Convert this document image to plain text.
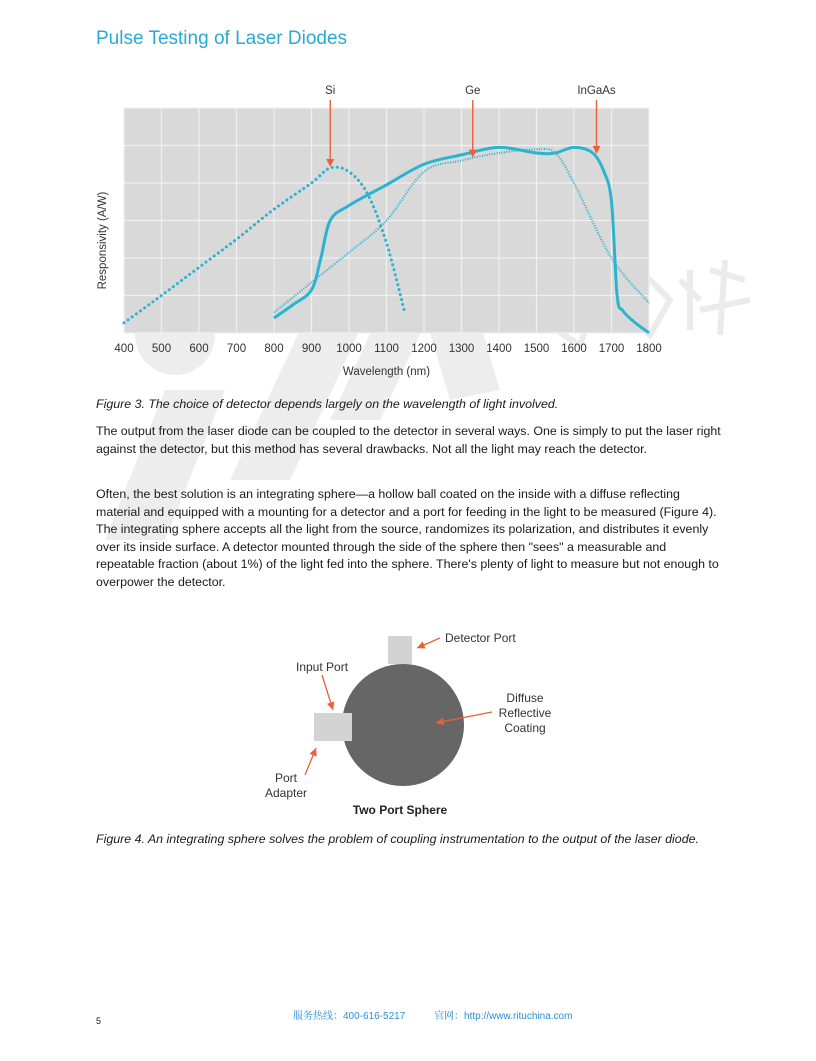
Pulse Testing of Laser Diodes
400 500 600 700 800 900 1000 1100 1200 1300 1400 1500 1600 1700 1800
Wavelength (nm)
Responsivity (A/W)
Si	Ge	InGaAs
Figure 3. The choice of detector depends largely on the wavelength of light involved.
The output from the laser diode can be coupled to the detector in several ways. One is simply to put the laser right against the detector, but this method has several drawbacks. Not all the light may reach the detector.
Often, the best solution is an integrating sphere—a hollow ball coated on the inside with a diffuse reflecting material and equipped with a mounting for a detector and a port for feeding in the light to be measured (Figure 4). The integrating sphere accepts all the light from the source, randomizes its polarization, and distributes it evenly over its inside surface. A detector mounted through the side of the sphere then "sees" a measurable and repeatable fraction (about 1%) of the light fed into the sphere. There's plenty of light to measure but not enough to overpower the detector.
Detector Port
Input Port
Diffuse
Reflective
Coating
Port
Adapter
Two Port Sphere
Figure 4. An integrating sphere solves the problem of coupling instrumentation to the output of the laser diode.
5	服务热线：400-616-5217	官网：http://www.rituchina.com
